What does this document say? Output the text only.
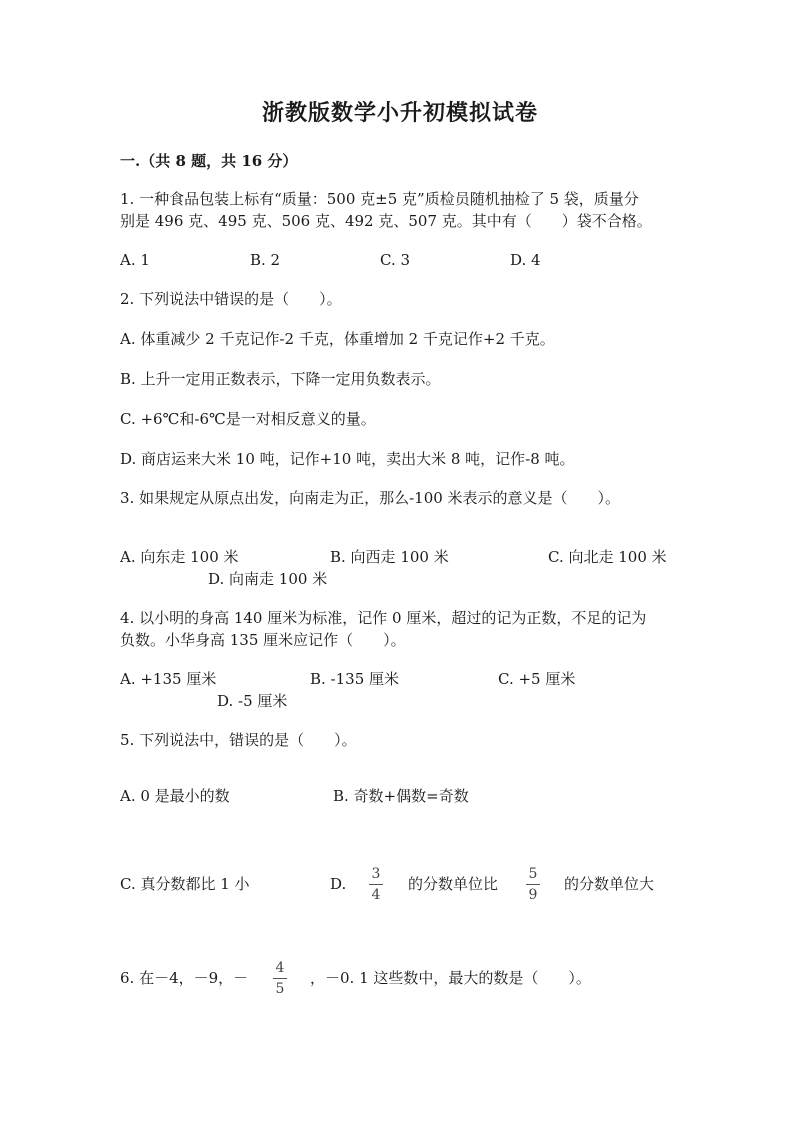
浙教版数学小升初模拟试卷
一.（共 8 题，共 16 分）
1. 一种食品包装上标有“质量：500 克±5 克”质检员随机抽检了 5 袋，质量分
别是 496 克、495 克、506 克、492 克、507 克。其中有（　　）袋不合格。
A. 1	B. 2	C. 3	D. 4
2. 下列说法中错误的是（　　）。
A. 体重减少 2 千克记作-2 千克，体重增加 2 千克记作+2 千克。
B. 上升一定用正数表示，下降一定用负数表示。
C. +6℃和-6℃是一对相反意义的量。
D. 商店运来大米 10 吨，记作+10 吨，卖出大米 8 吨，记作-8 吨。
3. 如果规定从原点出发，向南走为正，那么-100 米表示的意义是（　　）。
A. 向东走 100 米	B. 向西走 100 米	C. 向北走 100 米
D. 向南走 100 米
4. 以小明的身高 140 厘米为标准，记作 0 厘米，超过的记为正数，不足的记为
负数。小华身高 135 厘米应记作（　　）。
A. +135 厘米	B. -135 厘米	C. +5 厘米
D. -5 厘米
5. 下列说法中，错误的是（　　）。
A. 0 是最小的数	B. 奇数+偶数=奇数
C. 真分数都比 1 小	D.
3
4
的分数单位比
5
9
的分数单位大
6. 在－4，－9，－
4
5
，－0. 1 这些数中，最大的数是（　　）。
